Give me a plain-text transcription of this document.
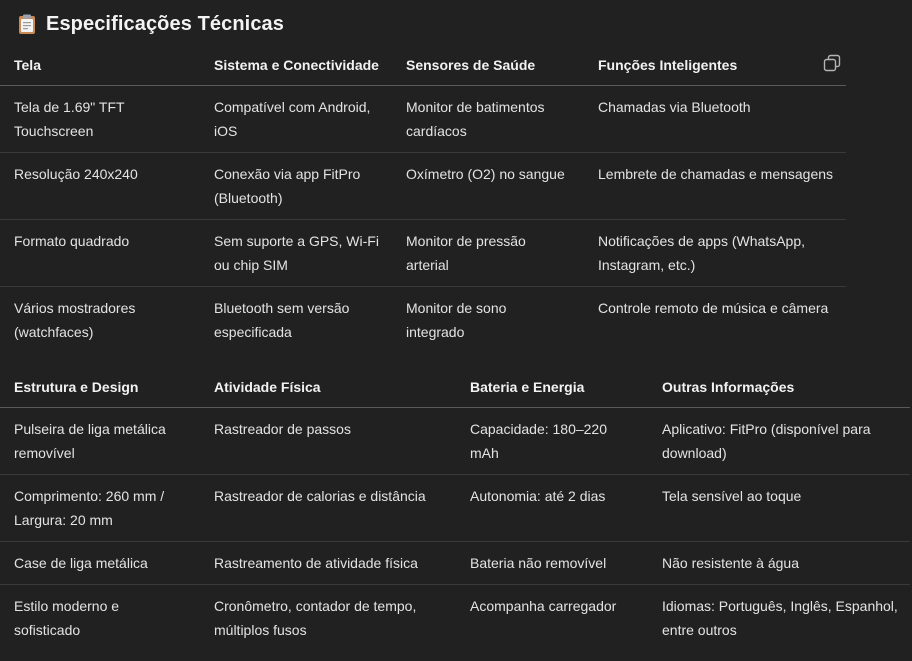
Especificações Técnicas
Tela	Sistema e Conectividade	Sensores de Saúde	Funções Inteligentes
Tela de 1.69" TFT Touchscreen	Compatível com Android, iOS	Monitor de batimentos cardíacos	Chamadas via Bluetooth
Resolução 240x240	Conexão via app FitPro (Bluetooth)	Oxímetro (O2) no sangue	Lembrete de chamadas e mensagens
Formato quadrado	Sem suporte a GPS, Wi-Fi ou chip SIM	Monitor de pressão arterial	Notificações de apps (WhatsApp, Instagram, etc.)
Vários mostradores (watchfaces)	Bluetooth sem versão especificada	Monitor de sono integrado	Controle remoto de música e câmera
Estrutura e Design	Atividade Física	Bateria e Energia	Outras Informações
Pulseira de liga metálica removível	Rastreador de passos	Capacidade: 180–220 mAh	Aplicativo: FitPro (disponível para download)
Comprimento: 260 mm / Largura: 20 mm	Rastreador de calorias e distância	Autonomia: até 2 dias	Tela sensível ao toque
Case de liga metálica	Rastreamento de atividade física	Bateria não removível	Não resistente à água
Estilo moderno e sofisticado	Cronômetro, contador de tempo, múltiplos fusos	Acompanha carregador	Idiomas: Português, Inglês, Espanhol, entre outros
